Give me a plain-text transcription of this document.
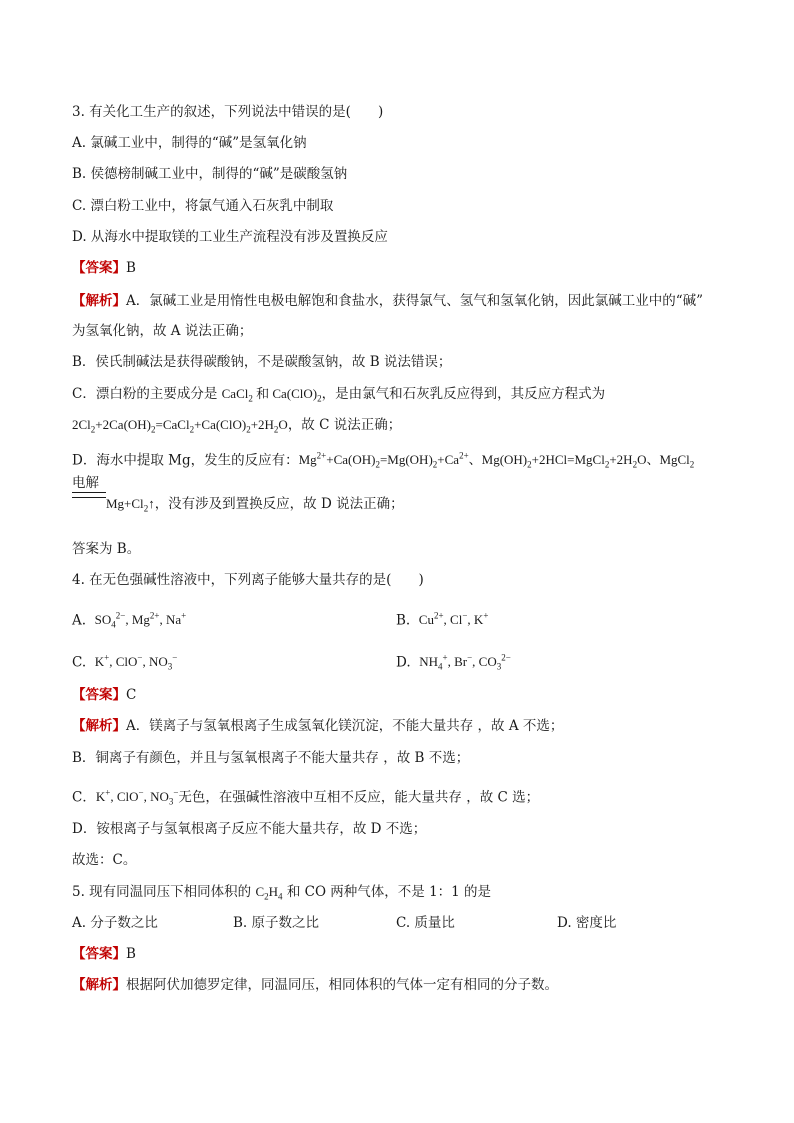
3. 有关化工生产的叙述，下列说法中错误的是(　　)
A. 氯碱工业中，制得的“碱”是氢氧化钠
B. 侯德榜制碱工业中，制得的“碱”是碳酸氢钠
C. 漂白粉工业中，将氯气通入石灰乳中制取
D. 从海水中提取镁的工业生产流程没有涉及置换反应
【答案】B
【解析】A．氯碱工业是用惰性电极电解饱和食盐水，获得氯气、氢气和氢氧化钠，因此氯碱工业中的“碱”
为氢氧化钠，故 A 说法正确；
B．侯氏制碱法是获得碳酸钠，不是碳酸氢钠，故 B 说法错误；
C．漂白粉的主要成分是 CaCl$_2$ 和 $Ca(ClO)_2$，是由氯气和石灰乳反应得到，其反应方程式为
$2Cl_2+2Ca(OH)_2=CaCl_2+Ca(ClO)_2+2H_2O$，故 C 说法正确；
D．海水中提取 Mg，发生的反应有：$Mg^{2+}+Ca(OH)_2=Mg(OH)_2+Ca^{2+}$、$Mg(OH)_2+2HCl=MgCl_2+2H_2O$、MgCl$_2$
电解
$Mg+Cl_2↑$，没有涉及到置换反应，故 D 说法正确；
答案为 B。
4. 在无色强碱性溶液中，下列离子能够大量共存的是(　　)
A.  $SO_4^{2-}$, $Mg^{2+}$, Na+	B.  $Cu^{2+}$, Cl−, K+
C.  K+, ClO−, $NO_3^-$	D.  $NH_4^+$, Br−, $CO_3^{2-}$
【答案】C
【解析】A．镁离子与氢氧根离子生成氢氧化镁沉淀，不能大量共存 ，故 A 不选；
B．铜离子有颜色，并且与氢氧根离子不能大量共存 ，故 B 不选；
C．K+, ClO−, $NO_3^-$无色，在强碱性溶液中互相不反应，能大量共存 ，故 C 选；
D．铵根离子与氢氧根离子反应不能大量共存，故 D 不选；
故选：C。
5. 现有同温同压下相同体积的 $C_2H_4$ 和 CO 两种气体，不是 1：1 的是
A. 分子数之比	B. 原子数之比	C. 质量比	D. 密度比
【答案】B
【解析】根据阿伏加德罗定律，同温同压，相同体积的气体一定有相同的分子数。
